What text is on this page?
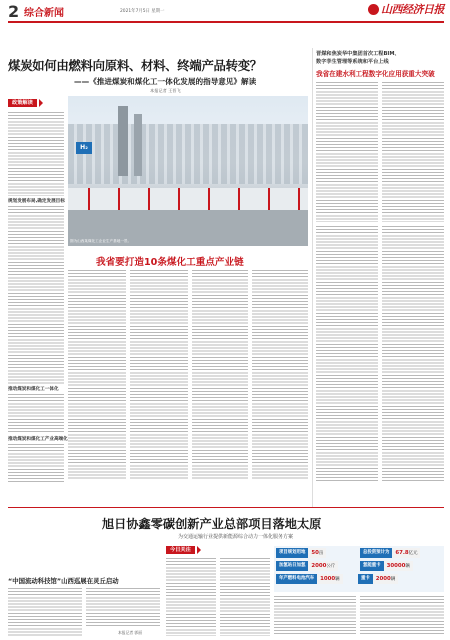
2 综合新闻	2021年7月5日 星期一	山西经济日报
煤炭如何由燃料向原料、材料、终端产品转变？
——《推进煤炭和煤化工一体化发展的指导意见》解读
本报记者 王晋飞
政策解读
规划发展布局,确定发展目标
推动煤炭和煤化工一体化
推动煤炭和煤化工产业高端化
H₂
图为山西某煤化工企业生产基地一景。
我省要打造10条煤化工重点产业链
晋煤和焦炭华中集团首次工程BIM、
数字孪生管理等系统和平台上线
我省在建水利工程数字化应用获重大突破
旭日协鑫零碳创新产业总部项目落地太原
为交通运输行业提供新能源综合动力一体化服务方案
今日关注	项目规划用地	50亩	总投资预计为	67.8亿元
加氢站日加氢	2000公斤
年产燃料电池汽车	1000辆	重卡	2000辆
氢能重卡	30000辆
“中国流动科技馆”山西巡展在灵丘启动
本报记者 郭丽
